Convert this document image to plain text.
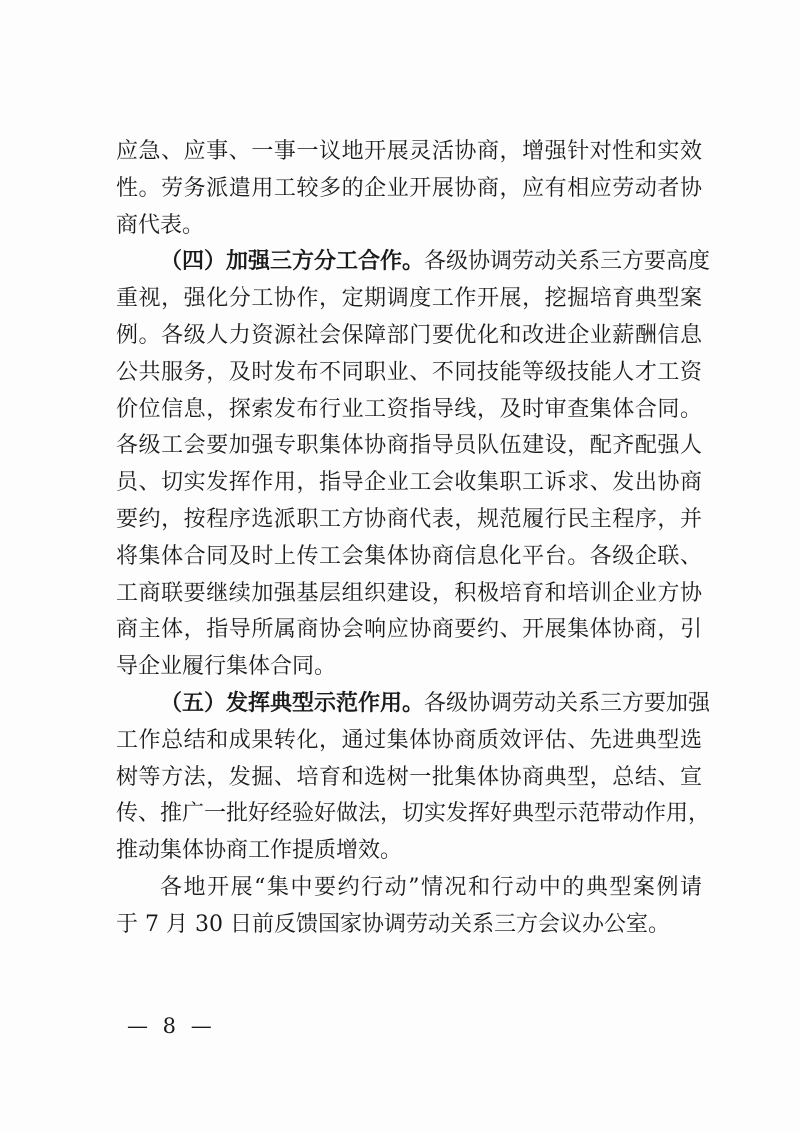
应急、应事、一事一议地开展灵活协商，增强针对性和实效
性。劳务派遣用工较多的企业开展协商，应有相应劳动者协
商代表。
（四）加强三方分工合作。各级协调劳动关系三方要高度
重视，强化分工协作，定期调度工作开展，挖掘培育典型案
例。各级人力资源社会保障部门要优化和改进企业薪酬信息
公共服务，及时发布不同职业、不同技能等级技能人才工资
价位信息，探索发布行业工资指导线，及时审查集体合同。
各级工会要加强专职集体协商指导员队伍建设，配齐配强人
员、切实发挥作用，指导企业工会收集职工诉求、发出协商
要约，按程序选派职工方协商代表，规范履行民主程序，并
将集体合同及时上传工会集体协商信息化平台。各级企联、
工商联要继续加强基层组织建设，积极培育和培训企业方协
商主体，指导所属商协会响应协商要约、开展集体协商，引
导企业履行集体合同。
（五）发挥典型示范作用。各级协调劳动关系三方要加强
工作总结和成果转化，通过集体协商质效评估、先进典型选
树等方法，发掘、培育和选树一批集体协商典型，总结、宣
传、推广一批好经验好做法，切实发挥好典型示范带动作用，
推动集体协商工作提质增效。
各地开展“集中要约行动”情况和行动中的典型案例请
于 7 月 30 日前反馈国家协调劳动关系三方会议办公室。
— 8 —
